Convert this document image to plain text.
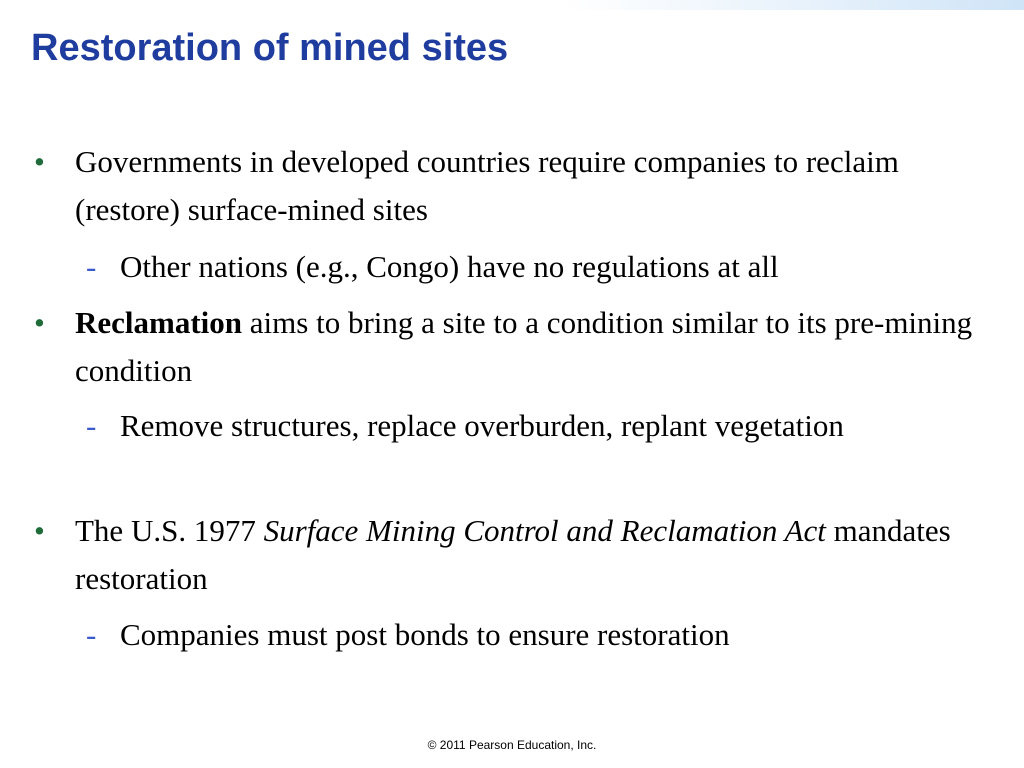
Restoration of mined sites
• Governments in developed countries require companies to reclaim (restore) surface-mined sites
- Other nations (e.g., Congo) have no regulations at all
• Reclamation aims to bring a site to a condition similar to its pre-mining condition
- Remove structures, replace overburden, replant vegetation
• The U.S. 1977 Surface Mining Control and Reclamation Act mandates restoration
- Companies must post bonds to ensure restoration
© 2011 Pearson Education, Inc.
